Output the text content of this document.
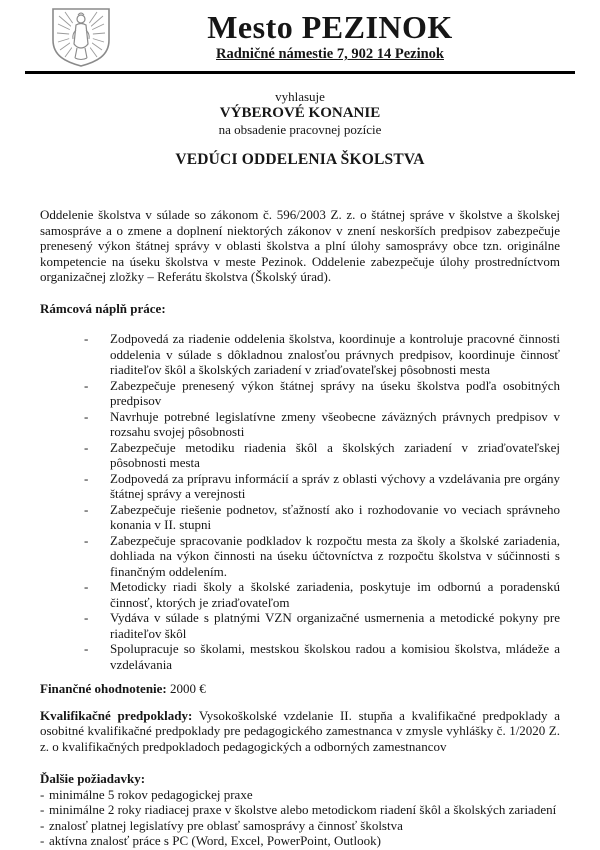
Mesto PEZINOK
Radničné námestie 7, 902 14 Pezinok
vyhlasuje
VÝBEROVÉ KONANIE
na obsadenie pracovnej pozície
VEDÚCI ODDELENIA ŠKOLSTVA

Oddelenie školstva v súlade so zákonom č. 596/2003 Z. z. o štátnej správe v školstve a školskej samospráve a o zmene a doplnení niektorých zákonov v znení neskorších predpisov zabezpečuje prenesený výkon štátnej správy v oblasti školstva a plní úlohy samosprávy obce tzn. originálne kompetencie na úseku školstva v meste Pezinok. Oddelenie zabezpečuje úlohy prostredníctvom organizačnej zložky – Referátu školstva (Školský úrad).

Rámcová náplň práce:
-	Zodpovedá za riadenie oddelenia školstva, koordinuje a kontroluje pracovné činnosti oddelenia v súlade s dôkladnou znalosťou právnych predpisov, koordinuje činnosť riaditeľov škôl a školských zariadení v zriaďovateľskej pôsobnosti mesta
-	Zabezpečuje prenesený výkon štátnej správy na úseku školstva podľa osobitných predpisov
-	Navrhuje potrebné legislatívne zmeny všeobecne záväzných právnych predpisov v rozsahu svojej pôsobnosti
-	Zabezpečuje metodiku riadenia škôl a školských zariadení v zriaďovateľskej pôsobnosti mesta
-	Zodpovedá za prípravu informácií a správ z oblasti výchovy a vzdelávania pre orgány štátnej správy a verejnosti
-	Zabezpečuje riešenie podnetov, sťažností ako i rozhodovanie vo veciach správneho konania v II. stupni
-	Zabezpečuje spracovanie podkladov k rozpočtu mesta za školy a školské zariadenia, dohliada na výkon činnosti na úseku účtovníctva z rozpočtu školstva v súčinnosti s finančným oddelením.
-	Metodicky riadi školy a školské zariadenia, poskytuje im odbornú a poradenskú činnosť, ktorých je zriaďovateľom
-	Vydáva v súlade s platnými VZN organizačné usmernenia a metodické pokyny pre riaditeľov škôl
-	Spolupracuje so školami, mestskou školskou radou a komisiou školstva, mládeže a vzdelávania

Finančné ohodnotenie: 2000 €

Kvalifikačné predpoklady: Vysokoškolské vzdelanie II. stupňa a kvalifikačné predpoklady a osobitné kvalifikačné predpoklady pre pedagogického zamestnanca v zmysle vyhlášky č. 1/2020 Z. z. o kvalifikačných predpokladoch pedagogických a odborných zamestnancov

Ďalšie požiadavky:
- minimálne 5 rokov pedagogickej praxe
- minimálne 2 roky riadiacej praxe v školstve alebo metodickom riadení škôl a školských zariadení
- znalosť platnej legislatívy pre oblasť samosprávy a činnosť školstva
- aktívna znalosť práce s PC (Word, Excel, PowerPoint, Outlook)
